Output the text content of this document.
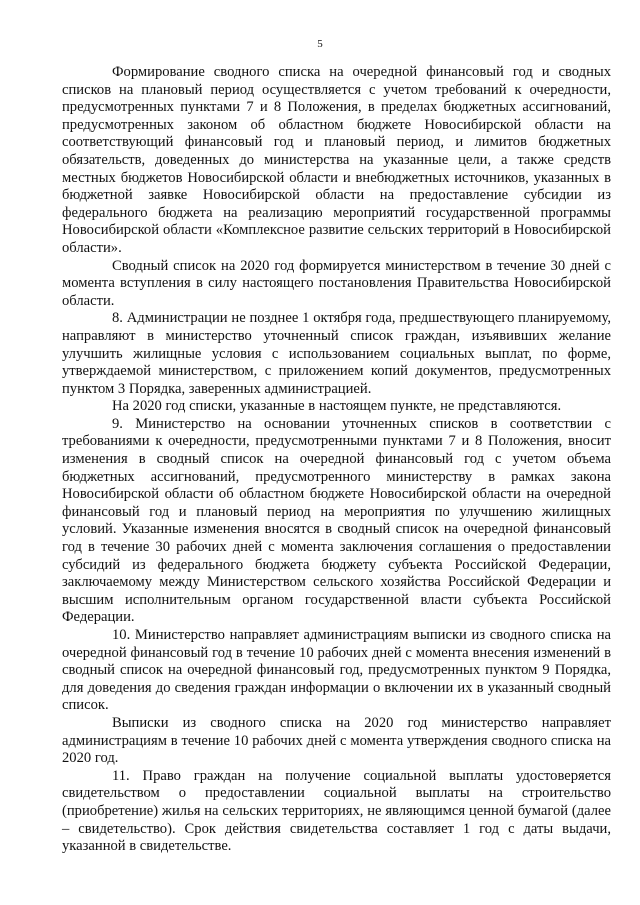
5

Формирование сводного списка на очередной финансовый год и сводных списков на плановый период осуществляется с учетом требований к очередности, предусмотренных пунктами 7 и 8 Положения, в пределах бюджетных ассигнований, предусмотренных законом об областном бюджете Новосибирской области на соответствующий финансовый год и плановый период, и лимитов бюджетных обязательств, доведенных до министерства на указанные цели, а также средств местных бюджетов Новосибирской области и внебюджетных источников, указанных в бюджетной заявке Новосибирской области на предоставление субсидии из федерального бюджета на реализацию мероприятий государственной программы Новосибирской области «Комплексное развитие сельских территорий в Новосибирской области».

Сводный список на 2020 год формируется министерством в течение 30 дней с момента вступления в силу настоящего постановления Правительства Новосибирской области.

8. Администрации не позднее 1 октября года, предшествующего планируемому, направляют в министерство уточненный список граждан, изъявивших желание улучшить жилищные условия с использованием социальных выплат, по форме, утверждаемой министерством, с приложением копий документов, предусмотренных пунктом 3 Порядка, заверенных администрацией.

На 2020 год списки, указанные в настоящем пункте, не представляются.

9. Министерство на основании уточненных списков в соответствии с требованиями к очередности, предусмотренными пунктами 7 и 8 Положения, вносит изменения в сводный список на очередной финансовый год с учетом объема бюджетных ассигнований, предусмотренного министерству в рамках закона Новосибирской области об областном бюджете Новосибирской области на очередной финансовый год и плановый период на мероприятия по улучшению жилищных условий. Указанные изменения вносятся в сводный список на очередной финансовый год в течение 30 рабочих дней с момента заключения соглашения о предоставлении субсидий из федерального бюджета бюджету субъекта Российской Федерации, заключаемому между Министерством сельского хозяйства Российской Федерации и высшим исполнительным органом государственной власти субъекта Российской Федерации.

10. Министерство направляет администрациям выписки из сводного списка на очередной финансовый год в течение 10 рабочих дней с момента внесения изменений в сводный список на очередной финансовый год, предусмотренных пунктом 9 Порядка, для доведения до сведения граждан информации о включении их в указанный сводный список.

Выписки из сводного списка на 2020 год министерство направляет администрациям в течение 10 рабочих дней с момента утверждения сводного списка на 2020 год.

11. Право граждан на получение социальной выплаты удостоверяется свидетельством о предоставлении социальной выплаты на строительство (приобретение) жилья на сельских территориях, не являющимся ценной бумагой (далее – свидетельство). Срок действия свидетельства составляет 1 год с даты выдачи, указанной в свидетельстве.
